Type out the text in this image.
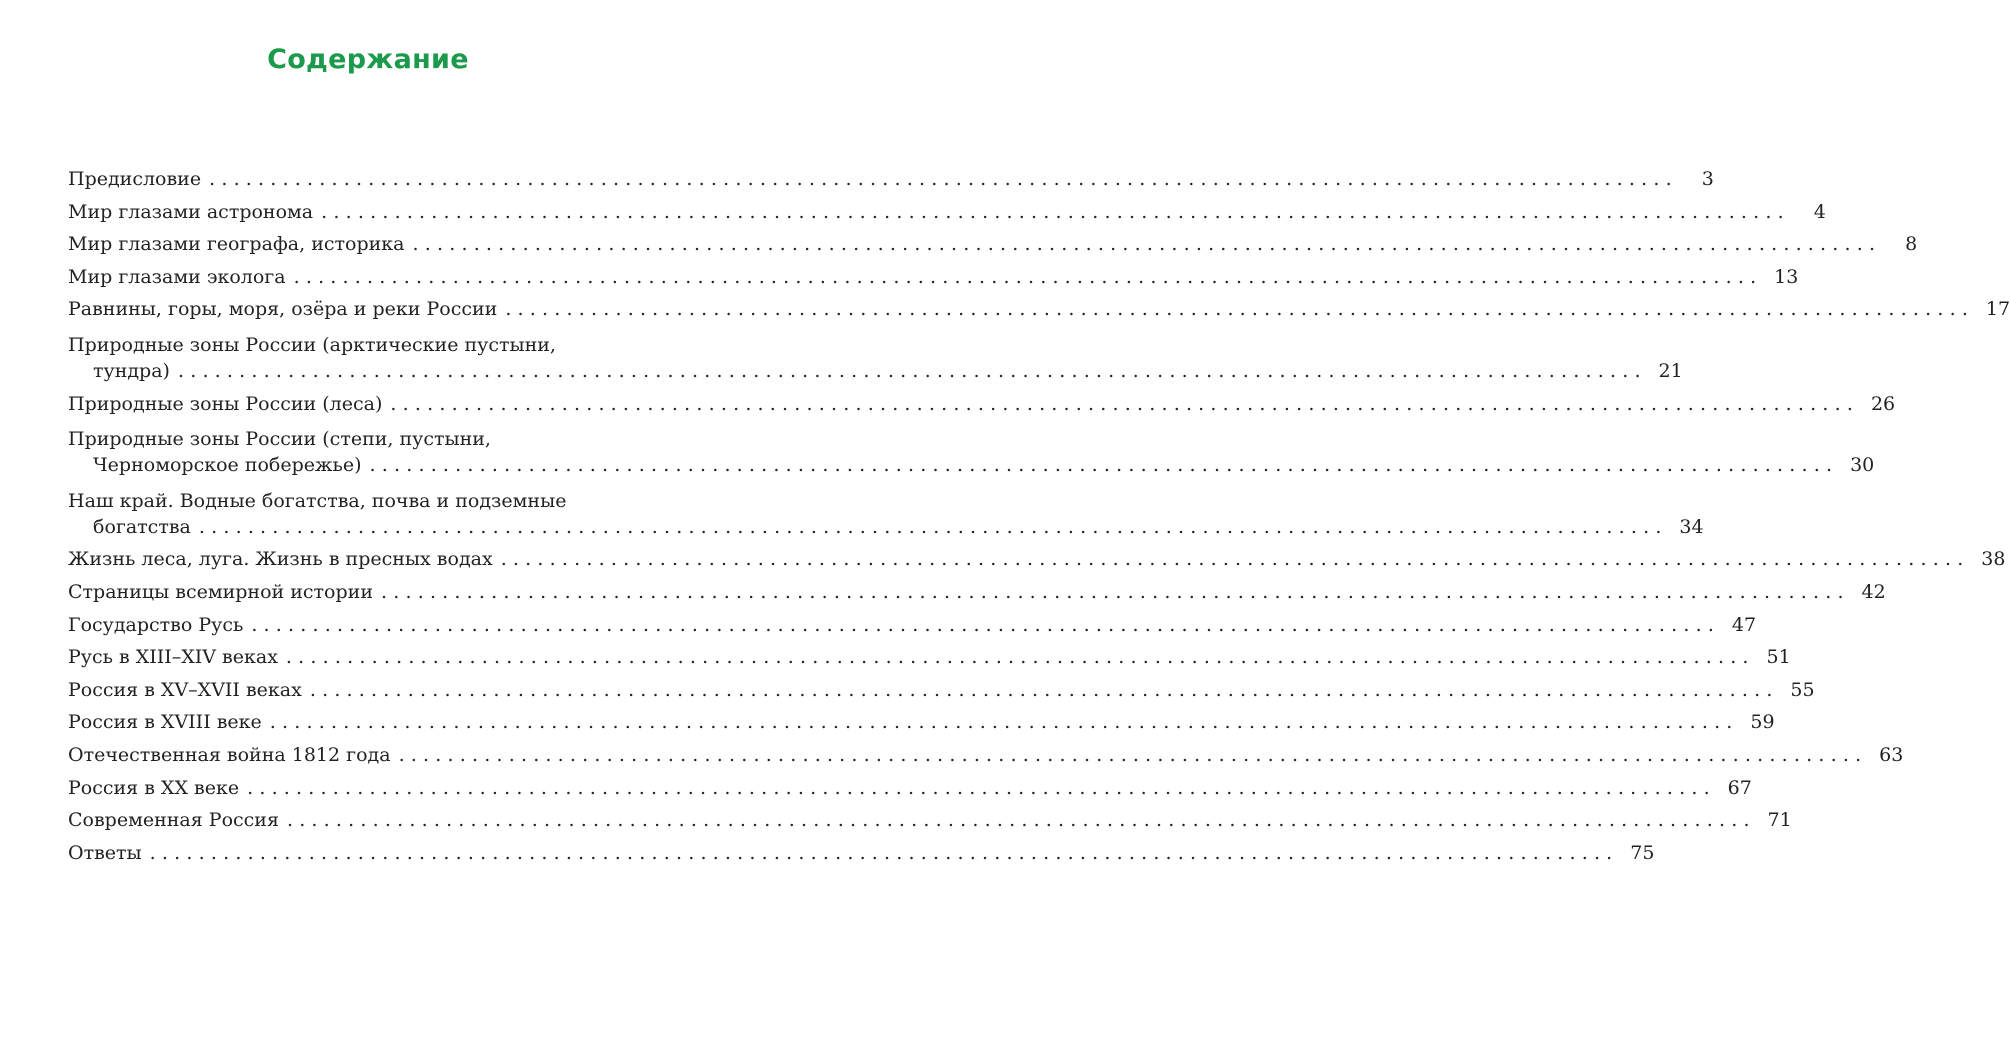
Содержание
Предисловие ........................................................................................................................	3
Мир глазами астронома ........................................................................................................................	4
Мир глазами географа, историка ........................................................................................................................	8
Мир глазами эколога ........................................................................................................................ 13
Равнины, горы, моря, озёра и реки России ........................................................................................................................ 17
Природные зоны России (арктические пустыни,
тундра) ........................................................................................................................ 21
Природные зоны России (леса) ........................................................................................................................ 26
Природные зоны России (степи, пустыни,
Черноморское побережье) ........................................................................................................................ 30
Наш край. Водные богатства, почва и подземные
богатства ........................................................................................................................ 34
Жизнь леса, луга. Жизнь в пресных водах ........................................................................................................................ 38
Страницы всемирной истории ........................................................................................................................ 42
Государство Русь ........................................................................................................................ 47
Русь в XIII–XIV веках ........................................................................................................................ 51
Россия в XV–XVII веках ........................................................................................................................ 55
Россия в XVIII веке ........................................................................................................................ 59
Отечественная война 1812 года ........................................................................................................................ 63
Россия в XX веке ........................................................................................................................ 67
Современная Россия ........................................................................................................................ 71
Ответы ........................................................................................................................ 75
